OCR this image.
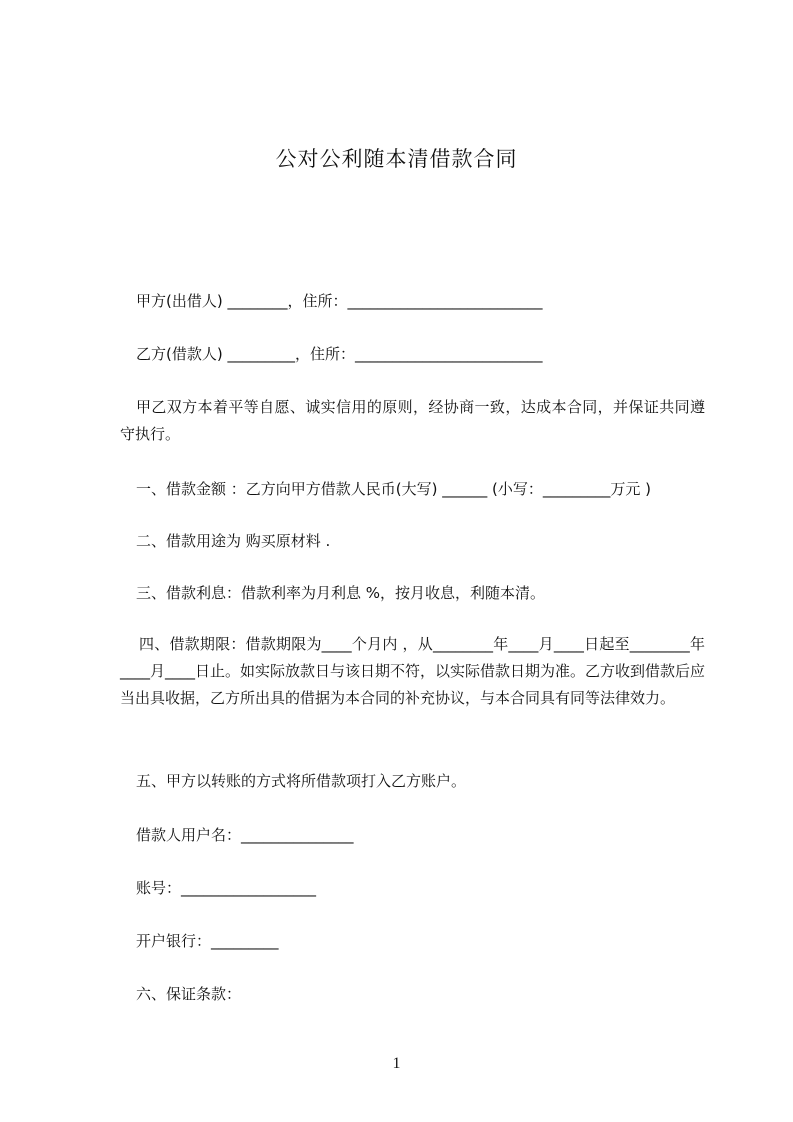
公对公利随本清借款合同
甲方(出借人) ________，住所：__________________________
乙方(借款人) _________，住所：_________________________
甲乙双方本着平等自愿、诚实信用的原则，经协商一致，达成本合同，并保证共同遵守执行。
一、借款金额 ：乙方向甲方借款人民币(大写) ______ (小写：_________万元 )
二、借款用途为 购买原材料 .
三、借款利息：借款利率为月利息 %，按月收息，利随本清。
四、借款期限：借款期限为____个月内 ，从________年____月____日起至________年____月____日止。如实际放款日与该日期不符，以实际借款日期为准。乙方收到借款后应当出具收据，乙方所出具的借据为本合同的补充协议，与本合同具有同等法律效力。
五、甲方以转账的方式将所借款项打入乙方账户。
借款人用户名：_______________
账号：__________________
开户银行：_________
六、保证条款：
1
